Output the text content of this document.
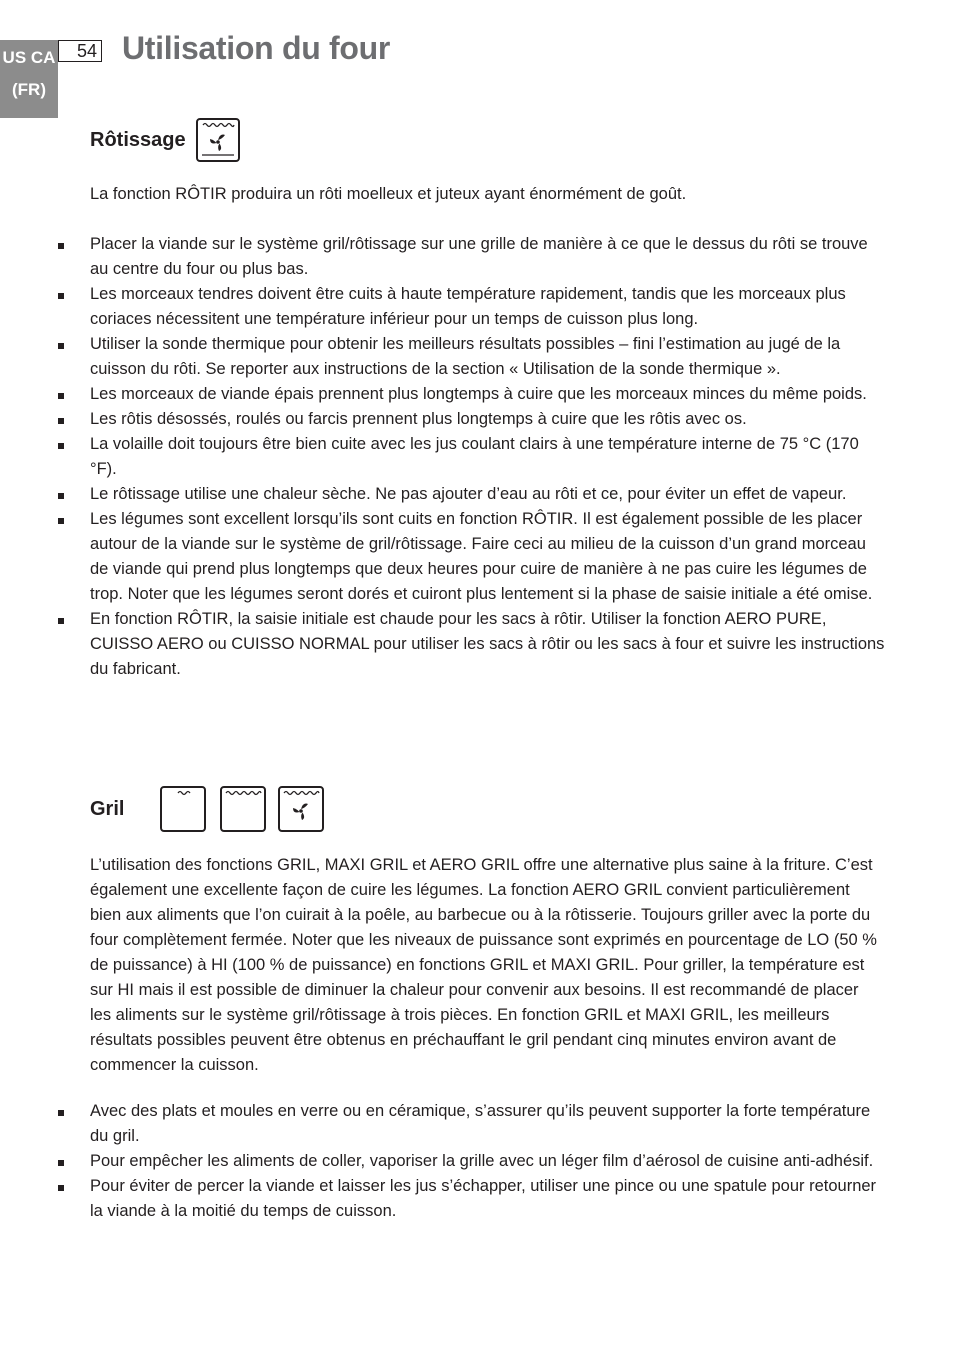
US CA
(FR)
54 Utilisation du four
Rôtissage

La fonction RÔTIR produira un rôti moelleux et juteux ayant énormément de goût.

Placer la viande sur le système gril/rôtissage sur une grille de manière à ce que le dessus du rôti se trouve au centre du four ou plus bas.
Les morceaux tendres doivent être cuits à haute température rapidement, tandis que les morceaux plus coriaces nécessitent une température inférieur pour un temps de cuisson plus long.
Utiliser la sonde thermique pour obtenir les meilleurs résultats possibles – fini l’estimation au jugé de la cuisson du rôti. Se reporter aux instructions de la section « Utilisation de la sonde thermique ».
Les morceaux de viande épais prennent plus longtemps à cuire que les morceaux minces du même poids.
Les rôtis désossés, roulés ou farcis prennent plus longtemps à cuire que les rôtis avec os.
La volaille doit toujours être bien cuite avec les jus coulant clairs à une température interne de 75 °C (170 °F).
Le rôtissage utilise une chaleur sèche. Ne pas ajouter d’eau au rôti et ce, pour éviter un effet de vapeur.
Les légumes sont excellent lorsqu’ils sont cuits en fonction RÔTIR. Il est également possible de les placer autour de la viande sur le système de gril/rôtissage. Faire ceci au milieu de la cuisson d’un grand morceau de viande qui prend plus longtemps que deux heures pour cuire de manière à ne pas cuire les légumes de trop. Noter que les légumes seront dorés et cuiront plus lentement si la phase de saisie initiale a été omise.
En fonction RÔTIR, la saisie initiale est chaude pour les sacs à rôtir. Utiliser la fonction AERO PURE, CUISSO AERO ou CUISSO NORMAL pour utiliser les sacs à rôtir ou les sacs à four et suivre les instructions du fabricant.
Gril

L’utilisation des fonctions GRIL, MAXI GRIL et AERO GRIL offre une alternative plus saine à la friture. C’est également une excellente façon de cuire les légumes. La fonction AERO GRIL convient particulièrement bien aux aliments que l’on cuirait à la poêle, au barbecue ou à la rôtisserie. Toujours griller avec la porte du four complètement fermée. Noter que les niveaux de puissance sont exprimés en pourcentage de LO (50 % de puissance) à HI (100 % de puissance) en fonctions GRIL et MAXI GRIL. Pour griller, la température est sur HI mais il est possible de diminuer la chaleur pour convenir aux besoins. Il est recommandé de placer les aliments sur le système gril/rôtissage à trois pièces. En fonction GRIL et MAXI GRIL, les meilleurs résultats possibles peuvent être obtenus en préchauffant le gril pendant cinq minutes environ avant de commencer la cuisson.

Avec des plats et moules en verre ou en céramique, s’assurer qu’ils peuvent supporter la forte température du gril.
Pour empêcher les aliments de coller, vaporiser la grille avec un léger film d’aérosol de cuisine anti-adhésif.
Pour éviter de percer la viande et laisser les jus s’échapper, utiliser une pince ou une spatule pour retourner la viande à la moitié du temps de cuisson.
